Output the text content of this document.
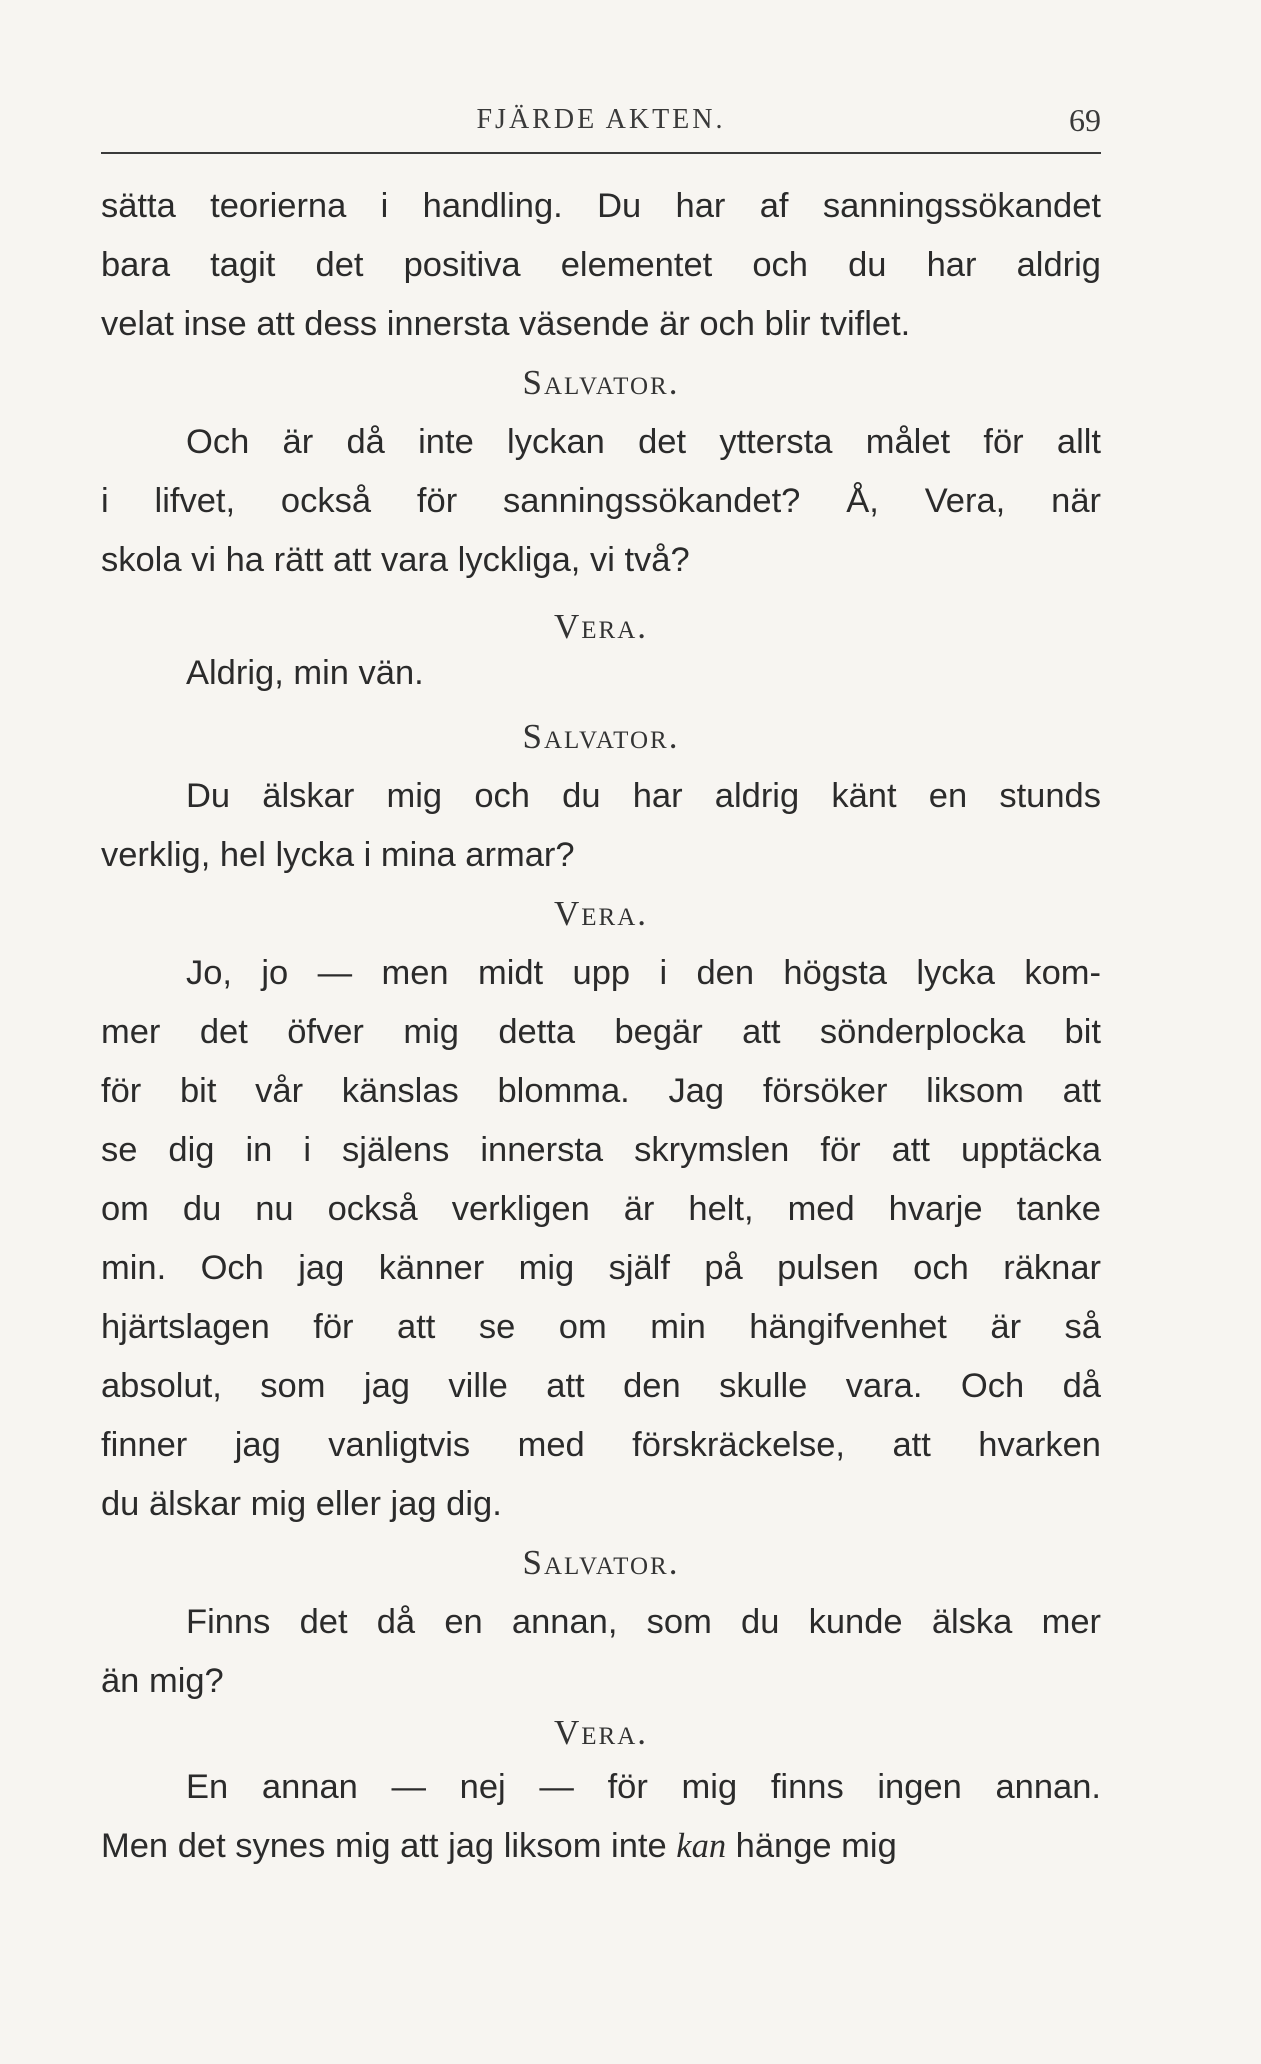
FJÄRDE AKTEN.	69
sätta teorierna i handling. Du har af sanningssökandet
bara tagit det positiva elementet och du har aldrig
velat inse att dess innersta väsende är och blir tviflet.
Salvator.
Och är då inte lyckan det yttersta målet för allt
i lifvet, också för sanningssökandet? Å, Vera, när
skola vi ha rätt att vara lyckliga, vi två?
Vera.
Aldrig, min vän.
Salvator.
Du älskar mig och du har aldrig känt en stunds
verklig, hel lycka i mina armar?
Vera.
Jo, jo — men midt upp i den högsta lycka kom-
mer det öfver mig detta begär att sönderplocka bit
för bit vår känslas blomma. Jag försöker liksom att
se dig in i själens innersta skrymslen för att upptäcka
om du nu också verkligen är helt, med hvarje tanke
min. Och jag känner mig själf på pulsen och räknar
hjärtslagen för att se om min hängifvenhet är så
absolut, som jag ville att den skulle vara. Och då
finner jag vanligtvis med förskräckelse, att hvarken
du älskar mig eller jag dig.
Salvator.
Finns det då en annan, som du kunde älska mer
än mig?
Vera.
En annan — nej — för mig finns ingen annan.
Men det synes mig att jag liksom inte kan hänge mig
